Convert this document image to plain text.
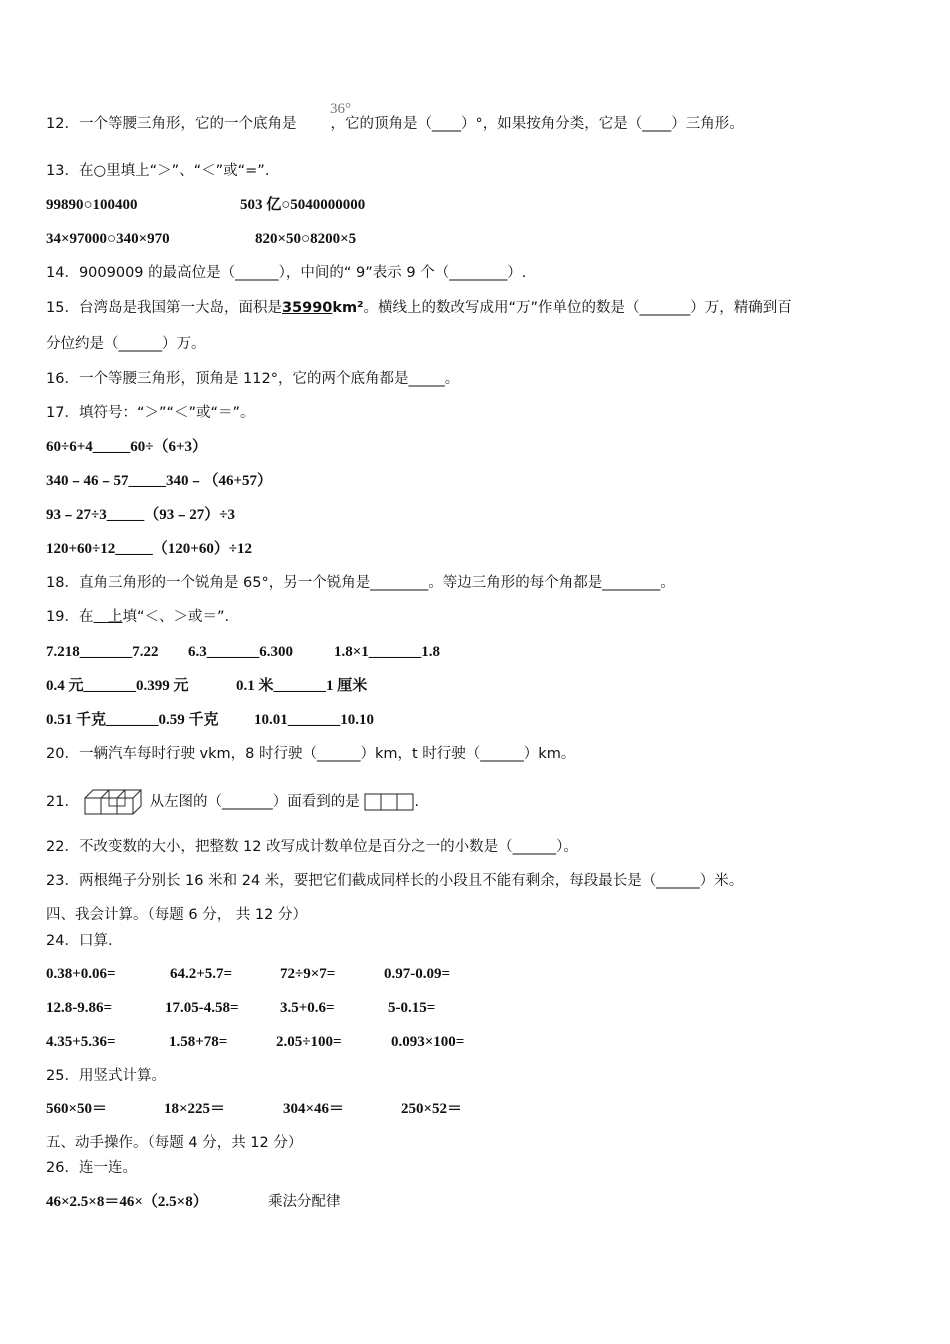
36°
12．一个等腰三角形，它的一个底角是 ，它的顶角是（____）°，如果按角分类，它是（____）三角形。
13．在○里填上“＞”、“＜”或“=”.
99890○100400	503 亿○5040000000
34×97000○340×970	820×50○8200×5
14．9009009 的最高位是（______），中间的“ 9”表示 9 个（________）.
15．台湾岛是我国第一大岛，面积是35990km²。横线上的数改写成用“万”作单位的数是（_______）万，精确到百
分位约是（______）万。
16．一个等腰三角形，顶角是 112°，它的两个底角都是_____。
17．填符号：“＞”“＜”或“＝”。
60÷6+4_____60÷（6+3）
340﹣46﹣57_____340﹣（46+57）
93﹣27÷3_____（93﹣27）÷3
120+60÷12_____（120+60）÷12
18．直角三角形的一个锐角是 65°，另一个锐角是________。等边三角形的每个角都是________。
19．在　上填“＜、＞或＝”.
7.218_______7.22 6.3_______6.300	1.8×1_______1.8
0.4 元_______0.399 元	0.1 米_______1 厘米
0.51 千克_______0.59 千克 10.01_______10.10
20．一辆汽车每时行驶 vkm，8 时行驶（______）km，t 时行驶（______）km。
21．	从左图的（_______）面看到的是	.
22．不改变数的大小，把整数 12 改写成计数单位是百分之一的小数是（______）。
23．两根绳子分别长 16 米和 24 米，要把它们截成同样长的小段且不能有剩余，每段最长是（______）米。
四、我会计算。（每题 6 分， 共 12 分）
24．口算.
0.38+0.06=	64.2+5.7=	72÷9×7=	0.97-0.09=
12.8-9.86=	17.05-4.58=	3.5+0.6=	5-0.15=
4.35+5.36=	1.58+78=	2.05÷100=	0.093×100=
25．用竖式计算。
560×50＝	18×225＝	304×46＝	250×52＝
五、动手操作。（每题 4 分，共 12 分）
26．连一连。
46×2.5×8＝46×（2.5×8）	乘法分配律
